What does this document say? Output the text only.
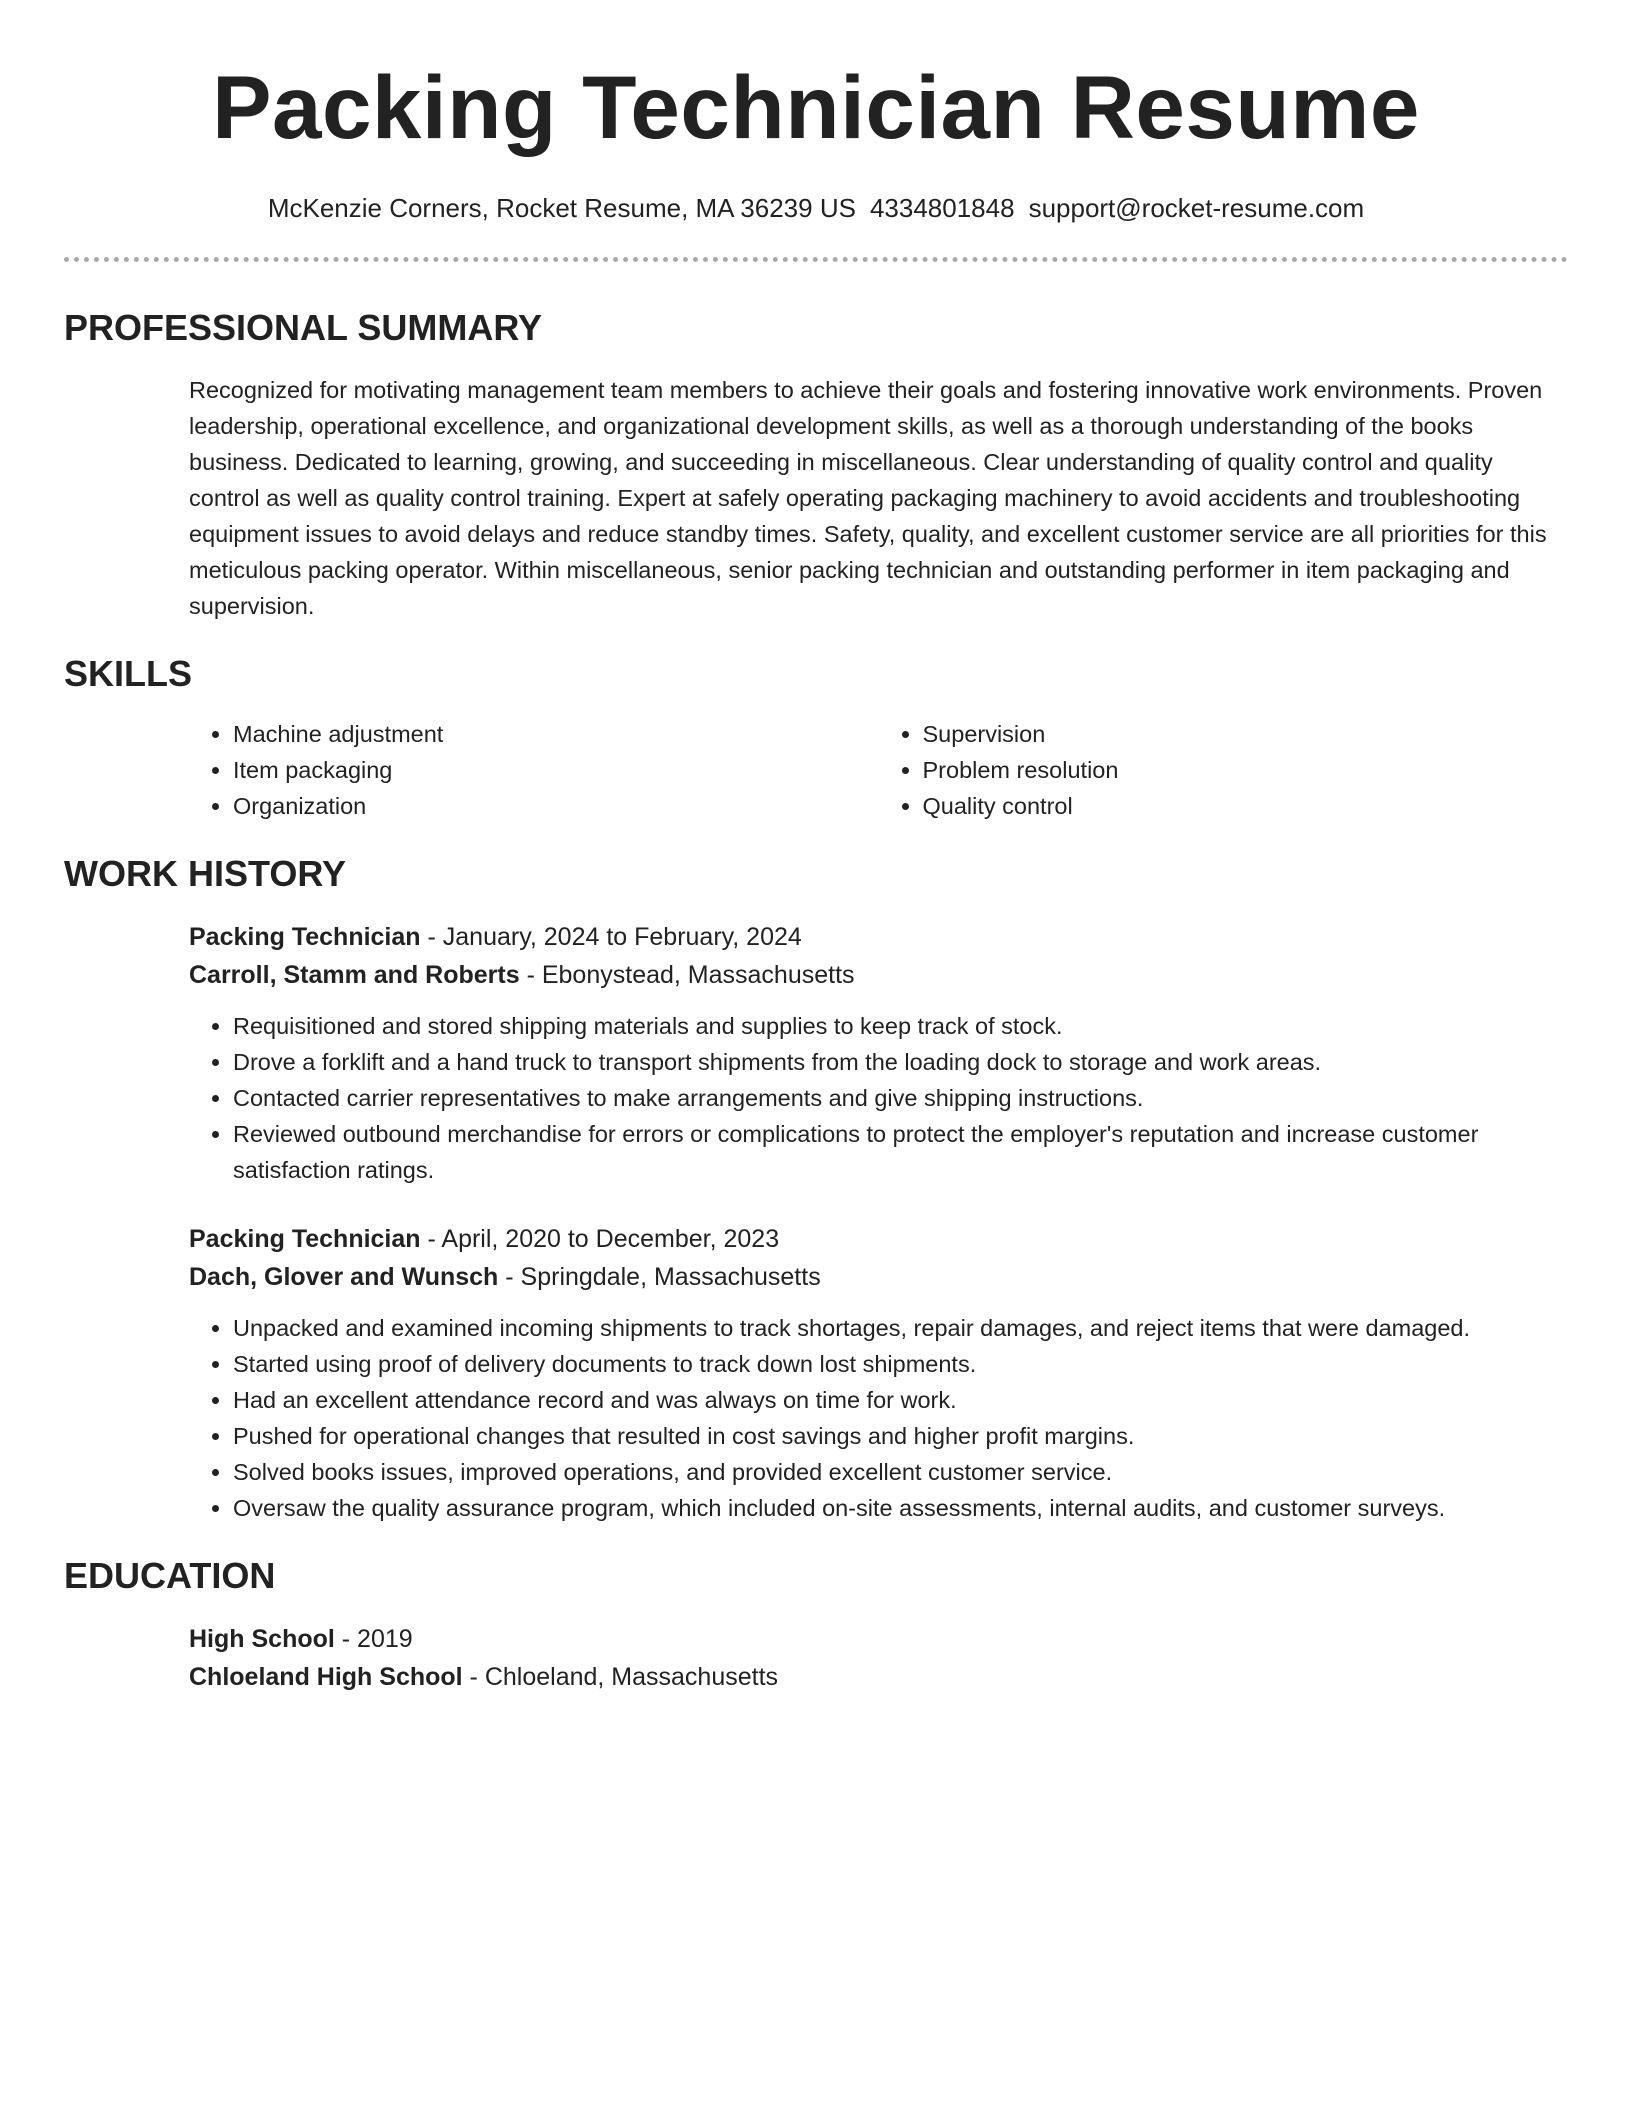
Packing Technician Resume
McKenzie Corners, Rocket Resume, MA 36239 US 4334801848 support@rocket-resume.com
PROFESSIONAL SUMMARY

Recognized for motivating management team members to achieve their goals and fostering innovative work environments. Proven leadership, operational excellence, and organizational development skills, as well as a thorough understanding of the books business. Dedicated to learning, growing, and succeeding in miscellaneous. Clear understanding of quality control and quality control as well as quality control training. Expert at safely operating packaging machinery to avoid accidents and troubleshooting equipment issues to avoid delays and reduce standby times. Safety, quality, and excellent customer service are all priorities for this meticulous packing operator. Within miscellaneous, senior packing technician and outstanding performer in item packaging and supervision.

SKILLS
• Machine adjustment
• Item packaging
• Organization
• Supervision
• Problem resolution
• Quality control
WORK HISTORY
Packing Technician - January, 2024 to February, 2024
Carroll, Stamm and Roberts - Ebonystead, Massachusetts
• Requisitioned and stored shipping materials and supplies to keep track of stock.
• Drove a forklift and a hand truck to transport shipments from the loading dock to storage and work areas.
• Contacted carrier representatives to make arrangements and give shipping instructions.
• Reviewed outbound merchandise for errors or complications to protect the employer's reputation and increase customer satisfaction ratings.
Packing Technician - April, 2020 to December, 2023
Dach, Glover and Wunsch - Springdale, Massachusetts
• Unpacked and examined incoming shipments to track shortages, repair damages, and reject items that were damaged.
• Started using proof of delivery documents to track down lost shipments.
• Had an excellent attendance record and was always on time for work.
• Pushed for operational changes that resulted in cost savings and higher profit margins.
• Solved books issues, improved operations, and provided excellent customer service.
• Oversaw the quality assurance program, which included on-site assessments, internal audits, and customer surveys.
EDUCATION
High School - 2019
Chloeland High School - Chloeland, Massachusetts
